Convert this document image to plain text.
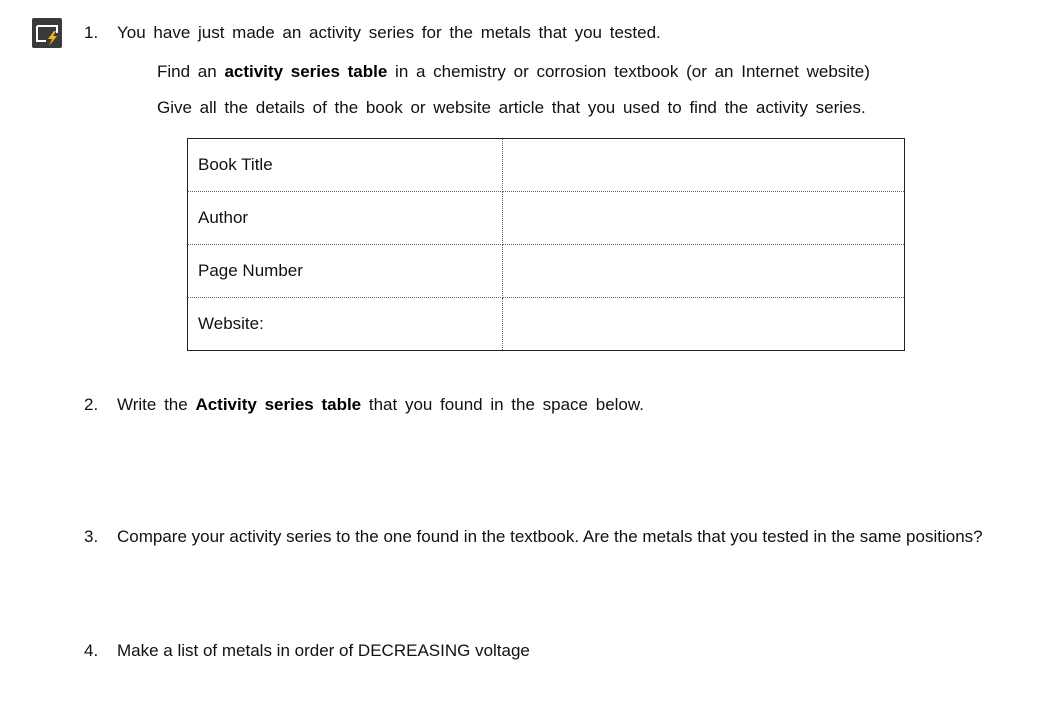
1.	You have just made an activity series for the metals that you tested.
Find an activity series table in a chemistry or corrosion textbook (or an Internet website)
Give all the details of the book or website article that you used to find the activity series.
Book Title	
Author	
Page Number	
Website:	
2.	Write the Activity series table that you found in the space below.
3.	Compare your activity series to the one found in the textbook. Are the metals that you tested in the same positions?
4.	Make a list of metals in order of DECREASING voltage
